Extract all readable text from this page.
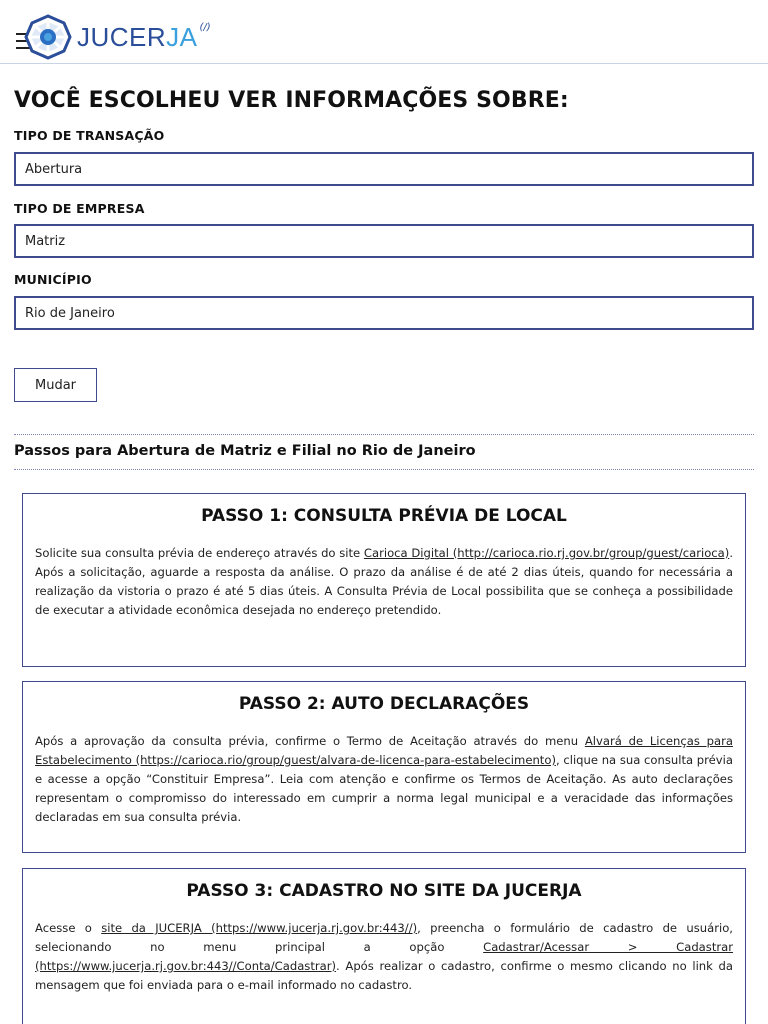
JUCERJA (/)
VOCÊ ESCOLHEU VER INFORMAÇÕES SOBRE:
TIPO DE TRANSAÇÃO
Abertura
TIPO DE EMPRESA
Matriz
MUNICÍPIO
Rio de Janeiro
Mudar
Passos para Abertura de Matriz e Filial no Rio de Janeiro
PASSO 1: CONSULTA PRÉVIA DE LOCAL

Solicite sua consulta prévia de endereço através do site Carioca Digital (http://carioca.rio.rj.gov.br/group/guest/carioca). Após a solicitação, aguarde a resposta da análise. O prazo da análise é de até 2 dias úteis, quando for necessária a realização da vistoria o prazo é até 5 dias úteis. A Consulta Prévia de Local possibilita que se conheça a possibilidade de executar a atividade econômica desejada no endereço pretendido.

PASSO 2: AUTO DECLARAÇÕES

Após a aprovação da consulta prévia, confirme o Termo de Aceitação através do menu Alvará de Licenças para Estabelecimento (https://carioca.rio/group/guest/alvara-de-licenca-para-estabelecimento), clique na sua consulta prévia e acesse a opção “Constituir Empresa”. Leia com atenção e confirme os Termos de Aceitação. As auto declarações representam o compromisso do interessado em cumprir a norma legal municipal e a veracidade das informações declaradas em sua consulta prévia.

PASSO 3: CADASTRO NO SITE DA JUCERJA

Acesse o site da JUCERJA (https://www.jucerja.rj.gov.br:443//), preencha o formulário de cadastro de usuário, selecionando no menu principal a opção Cadastrar/Acessar > Cadastrar (https://www.jucerja.rj.gov.br:443//Conta/Cadastrar). Após realizar o cadastro, confirme o mesmo clicando no link da mensagem que foi enviada para o e-mail informado no cadastro.
